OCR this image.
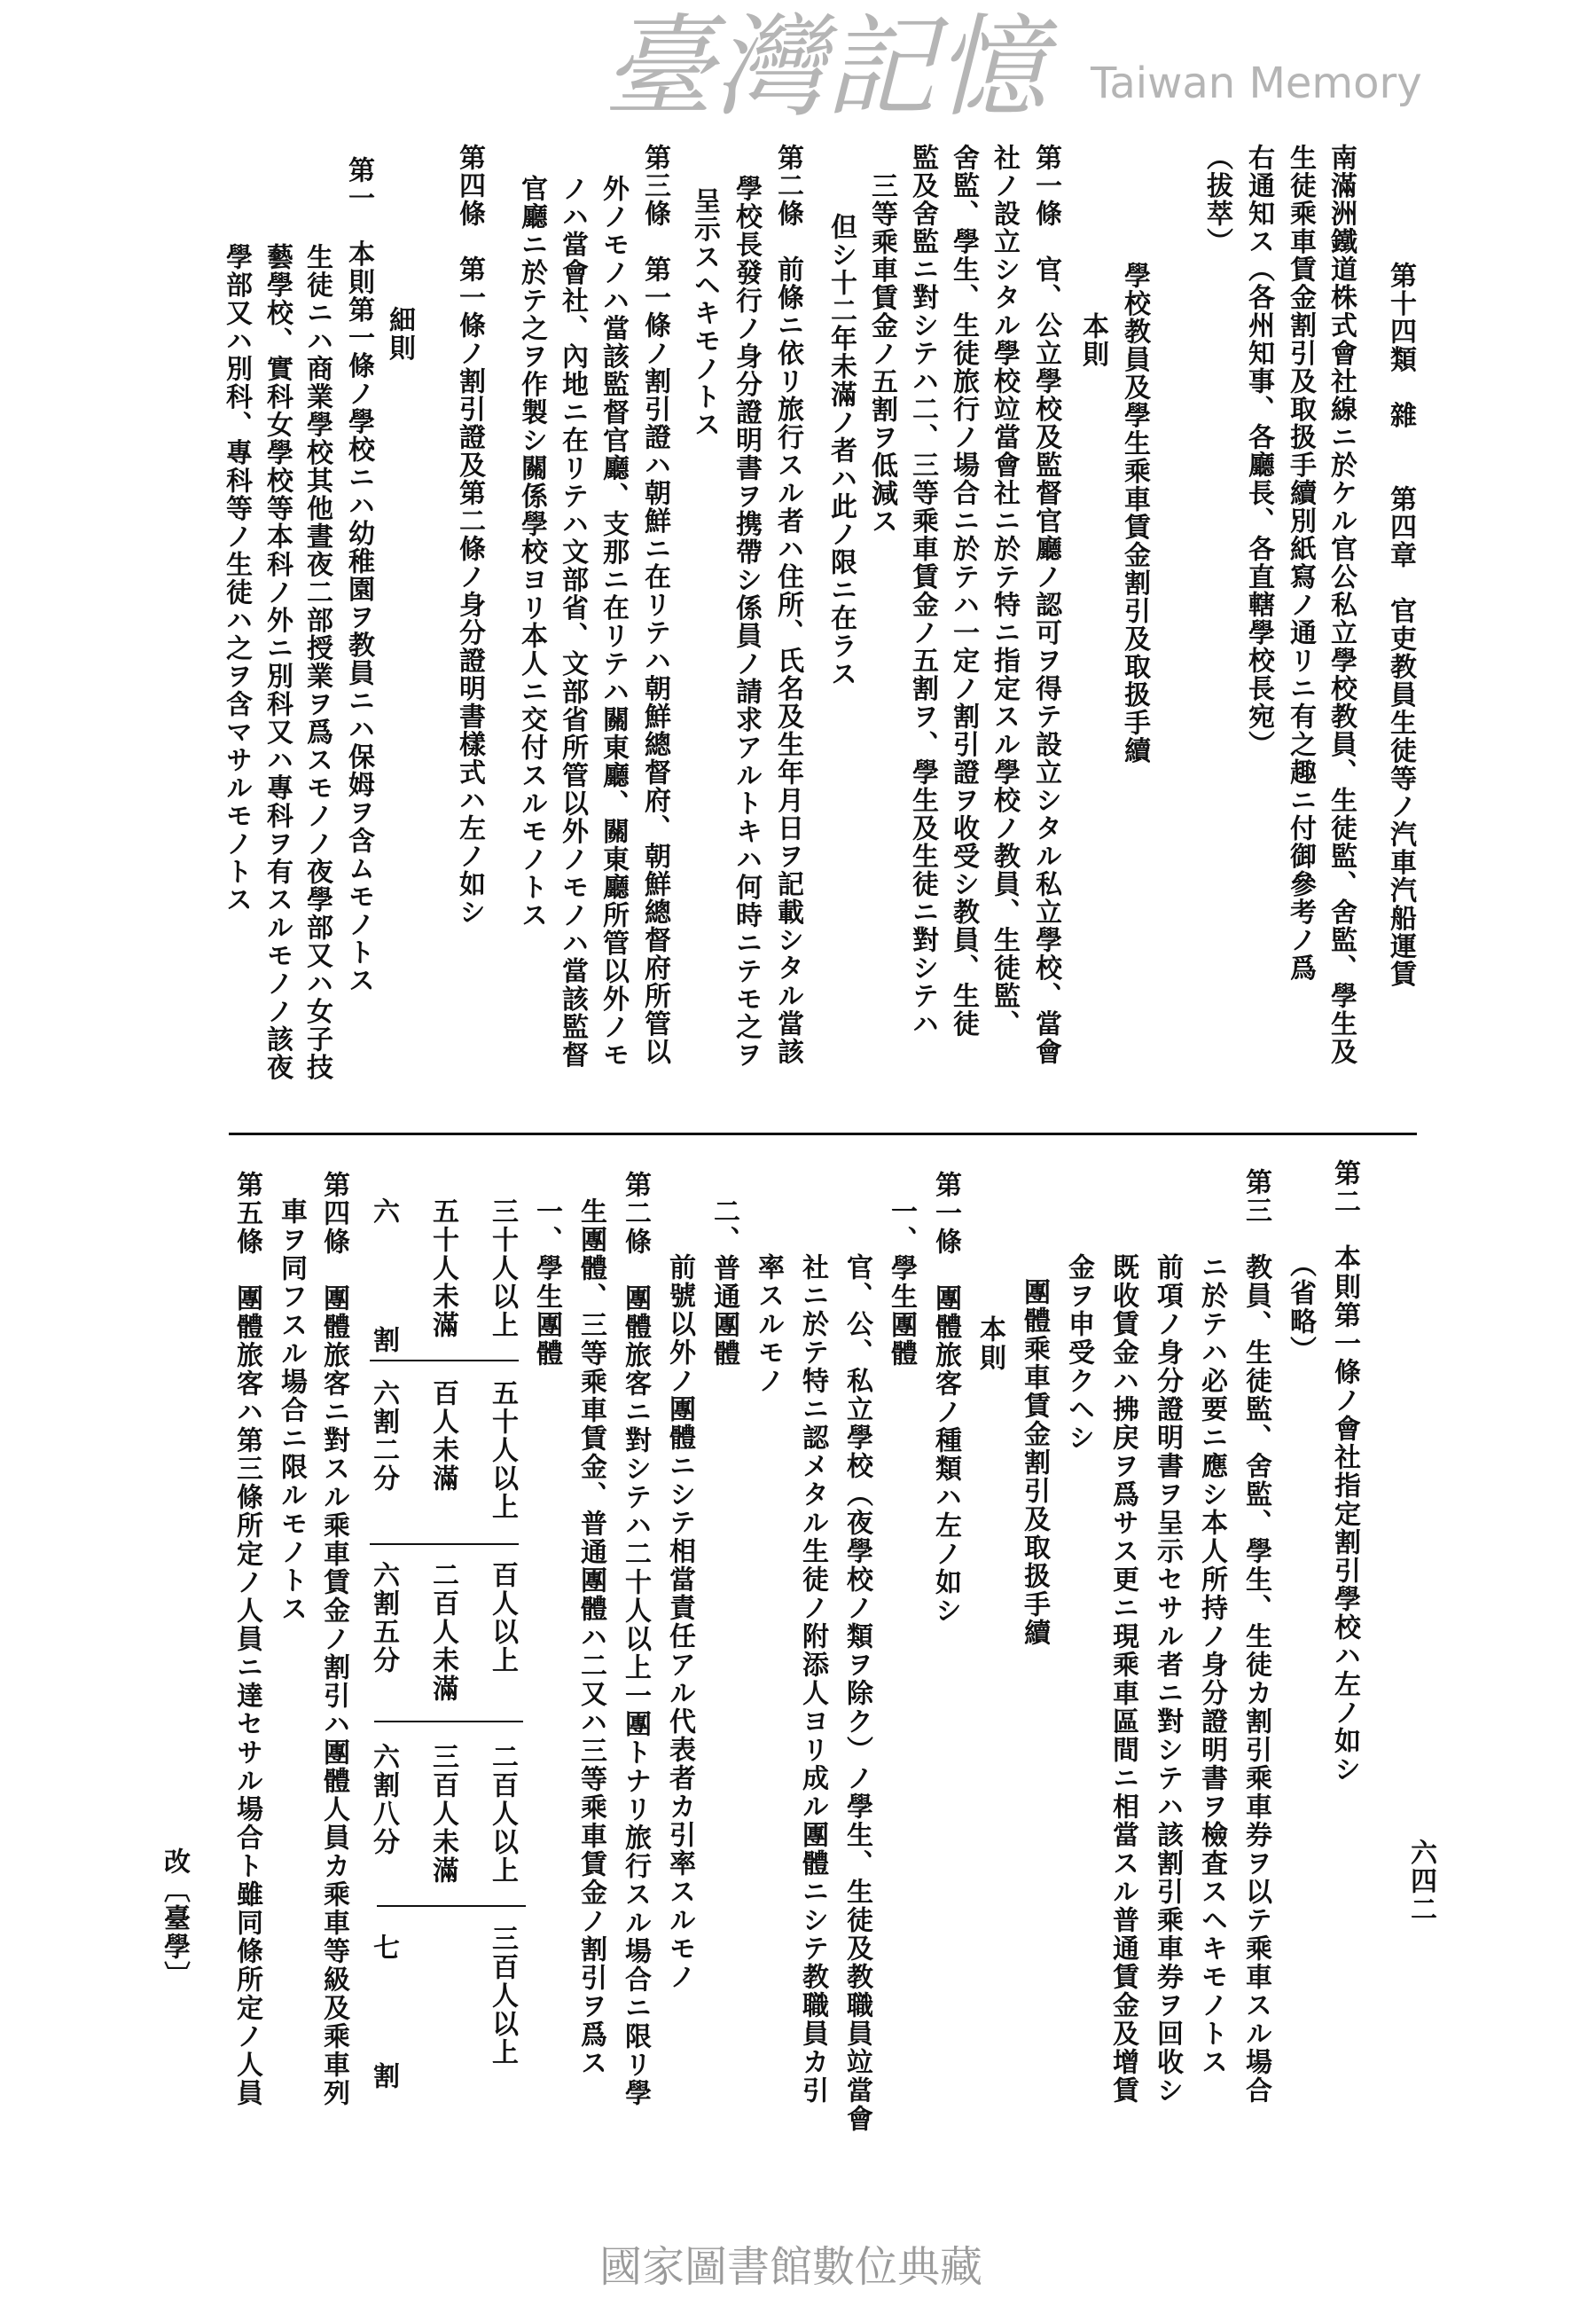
臺灣記憶 Taiwan Memory
第十四類　雜　　第四章　官吏教員生徒等ノ汽車汽船運賃
南滿洲鐵道株式會社線ニ於ケル官公私立學校教員、生徒監、舍監、學生及
生徒乘車賃金割引及取扱手續別紙寫ノ通リニ有之趣ニ付御參考ノ爲
右通知ス（各州知事、各廳長、各直轄學校長宛）
（拔萃）
學校教員及學生乘車賃金割引及取扱手續
本則
第一條　官、公立學校及監督官廳ノ認可ヲ得テ設立シタル私立學校、當會
社ノ設立シタル學校竝當會社ニ於テ特ニ指定スル學校ノ教員、生徒監、
舍監、學生、生徒旅行ノ場合ニ於テハ一定ノ割引證ヲ收受シ教員、生徒
監及舍監ニ對シテハ二、三等乘車賃金ノ五割ヲ、學生及生徒ニ對シテハ
三等乘車賃金ノ五割ヲ低減ス
但シ十二年未滿ノ者ハ此ノ限ニ在ラス
第二條　前條ニ依リ旅行スル者ハ住所、氏名及生年月日ヲ記載シタル當該
學校長發行ノ身分證明書ヲ携帶シ係員ノ請求アルトキハ何時ニテモ之ヲ
呈示スヘキモノトス
第三條　第一條ノ割引證ハ朝鮮ニ在リテハ朝鮮總督府、朝鮮總督府所管以
外ノモノハ當該監督官廳、支那ニ在リテハ關東廳、關東廳所管以外ノモ
ノハ當會社、內地ニ在リテハ文部省、文部省所管以外ノモノハ當該監督
官廳ニ於テ之ヲ作製シ關係學校ヨリ本人ニ交付スルモノトス
第四條　第一條ノ割引證及第二條ノ身分證明書樣式ハ左ノ如シ
細則
第一　本則第一條ノ學校ニハ幼稚園ヲ教員ニハ保姆ヲ含ムモノトス
生徒ニハ商業學校其他晝夜二部授業ヲ爲スモノノ夜學部又ハ女子技
藝學校、實科女學校等本科ノ外ニ別科又ハ專科ヲ有スルモノノ該夜
學部又ハ別科、專科等ノ生徒ハ之ヲ含マサルモノトス
六四二
第二　本則第一條ノ會社指定割引學校ハ左ノ如シ
（省略）
第三　教員、生徒監、舍監、學生、生徒カ割引乘車券ヲ以テ乘車スル場合
ニ於テハ必要ニ應シ本人所持ノ身分證明書ヲ檢査スヘキモノトス
前項ノ身分證明書ヲ呈示セサル者ニ對シテハ該割引乘車券ヲ回收シ
既收賃金ハ拂戻ヲ爲サス更ニ現乘車區間ニ相當スル普通賃金及增賃
金ヲ申受クヘシ
團體乘車賃金割引及取扱手續
本則
第一條　團體旅客ノ種類ハ左ノ如シ
一、學生團體
官、公、私立學校（夜學校ノ類ヲ除ク）ノ學生、生徒及教職員竝當會
社ニ於テ特ニ認メタル生徒ノ附添人ヨリ成ル團體ニシテ教職員カ引
率スルモノ
二、普通團體
前號以外ノ團體ニシテ相當責任アル代表者カ引率スルモノ
第二條　團體旅客ニ對シテハ二十人以上一團トナリ旅行スル場合ニ限リ學
生團體、三等乘車賃金、普通團體ハ二又ハ三等乘車賃金ノ割引ヲ爲ス
一、學生團體
三十人以上
五十人以上
百人以上
二百人以上
三百人以上
五十人未滿
百人未滿
二百人未滿
三百人未滿
六割
六割二分
六割五分
六割八分
七割
第四條　團體旅客ニ對スル乘車賃金ノ割引ハ團體人員カ乘車等級及乘車列
車ヲ同フスル場合ニ限ルモノトス
第五條　團體旅客ハ第三條所定ノ人員ニ達セサル場合ト雖同條所定ノ人員
改〔臺學〕
國家圖書館數位典藏
